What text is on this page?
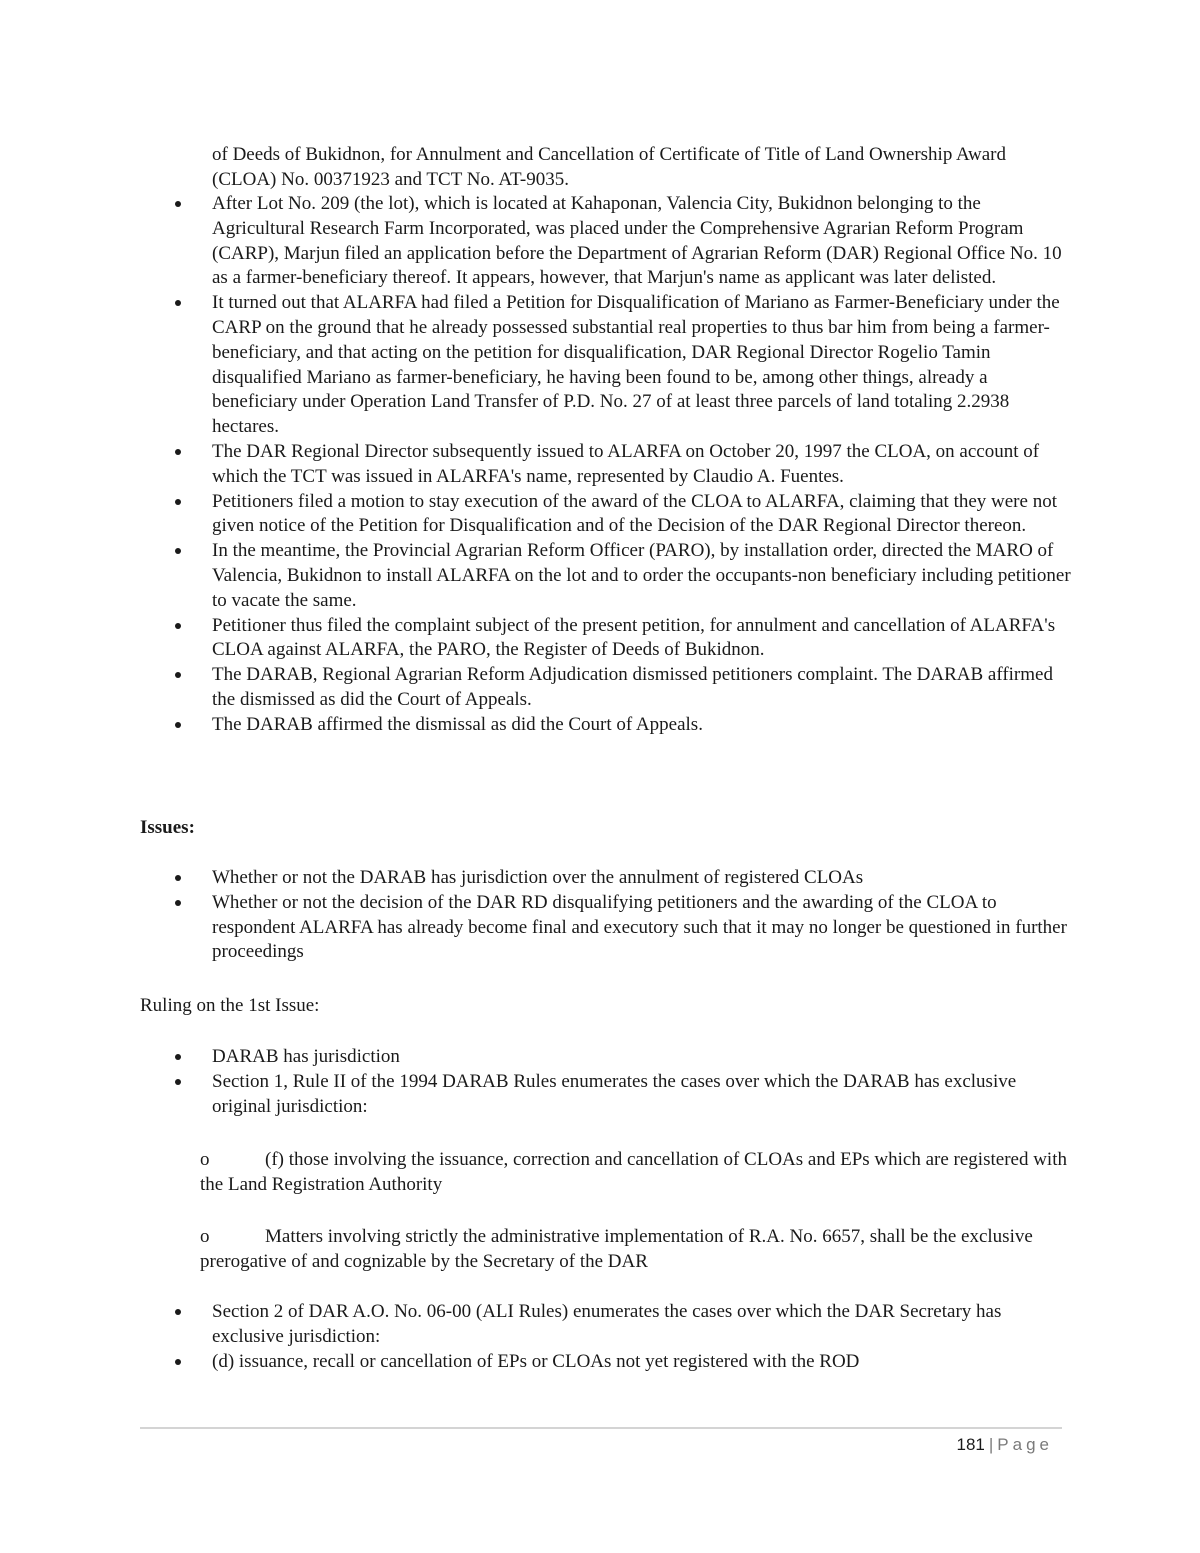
of Deeds of Bukidnon, for Annulment and Cancellation of Certificate of Title of Land Ownership Award (CLOA) No. 00371923 and TCT No. AT-9035.

After Lot No. 209 (the lot), which is located at Kahaponan, Valencia City, Bukidnon belonging to the Agricultural Research Farm Incorporated, was placed under the Comprehensive Agrarian Reform Program (CARP), Marjun filed an application before the Department of Agrarian Reform (DAR) Regional Office No. 10 as a farmer-beneficiary thereof. It appears, however, that Marjun's name as applicant was later delisted.
It turned out that ALARFA had filed a Petition for Disqualification of Mariano as Farmer-Beneficiary under the CARP on the ground that he already possessed substantial real properties to thus bar him from being a farmer-beneficiary, and that acting on the petition for disqualification, DAR Regional Director Rogelio Tamin disqualified Mariano as farmer-beneficiary, he having been found to be, among other things, already a beneficiary under Operation Land Transfer of P.D. No. 27 of at least three parcels of land totaling 2.2938 hectares.
The DAR Regional Director subsequently issued to ALARFA on October 20, 1997 the CLOA, on account of which the TCT was issued in ALARFA's name, represented by Claudio A. Fuentes.
Petitioners filed a motion to stay execution of the award of the CLOA to ALARFA, claiming that they were not given notice of the Petition for Disqualification and of the Decision of the DAR Regional Director thereon.
In the meantime, the Provincial Agrarian Reform Officer (PARO), by installation order, directed the MARO of Valencia, Bukidnon to install ALARFA on the lot and to order the occupants-non beneficiary including petitioner to vacate the same.
Petitioner thus filed the complaint subject of the present petition, for annulment and cancellation of ALARFA's CLOA against ALARFA, the PARO, the Register of Deeds of Bukidnon.
The DARAB, Regional Agrarian Reform Adjudication dismissed petitioners complaint. The DARAB affirmed the dismissed as did the Court of Appeals.
The DARAB affirmed the dismissal as did the Court of Appeals.

Issues:

Whether or not the DARAB has jurisdiction over the annulment of registered CLOAs
Whether or not the decision of the DAR RD disqualifying petitioners and the awarding of the CLOA to respondent ALARFA has already become final and executory such that it may no longer be questioned in further proceedings

Ruling on the 1st Issue:

DARAB has jurisdiction
Section 1, Rule II of the 1994 DARAB Rules enumerates the cases over which the DARAB has exclusive original jurisdiction:

o	(f) those involving the issuance, correction and cancellation of CLOAs and EPs which are registered with the Land Registration Authority

o	Matters involving strictly the administrative implementation of R.A. No. 6657, shall be the exclusive prerogative of and cognizable by the Secretary of the DAR

Section 2 of DAR A.O. No. 06-00 (ALI Rules) enumerates the cases over which the DAR Secretary has exclusive jurisdiction:
(d) issuance, recall or cancellation of EPs or CLOAs not yet registered with the ROD
181 | Page
